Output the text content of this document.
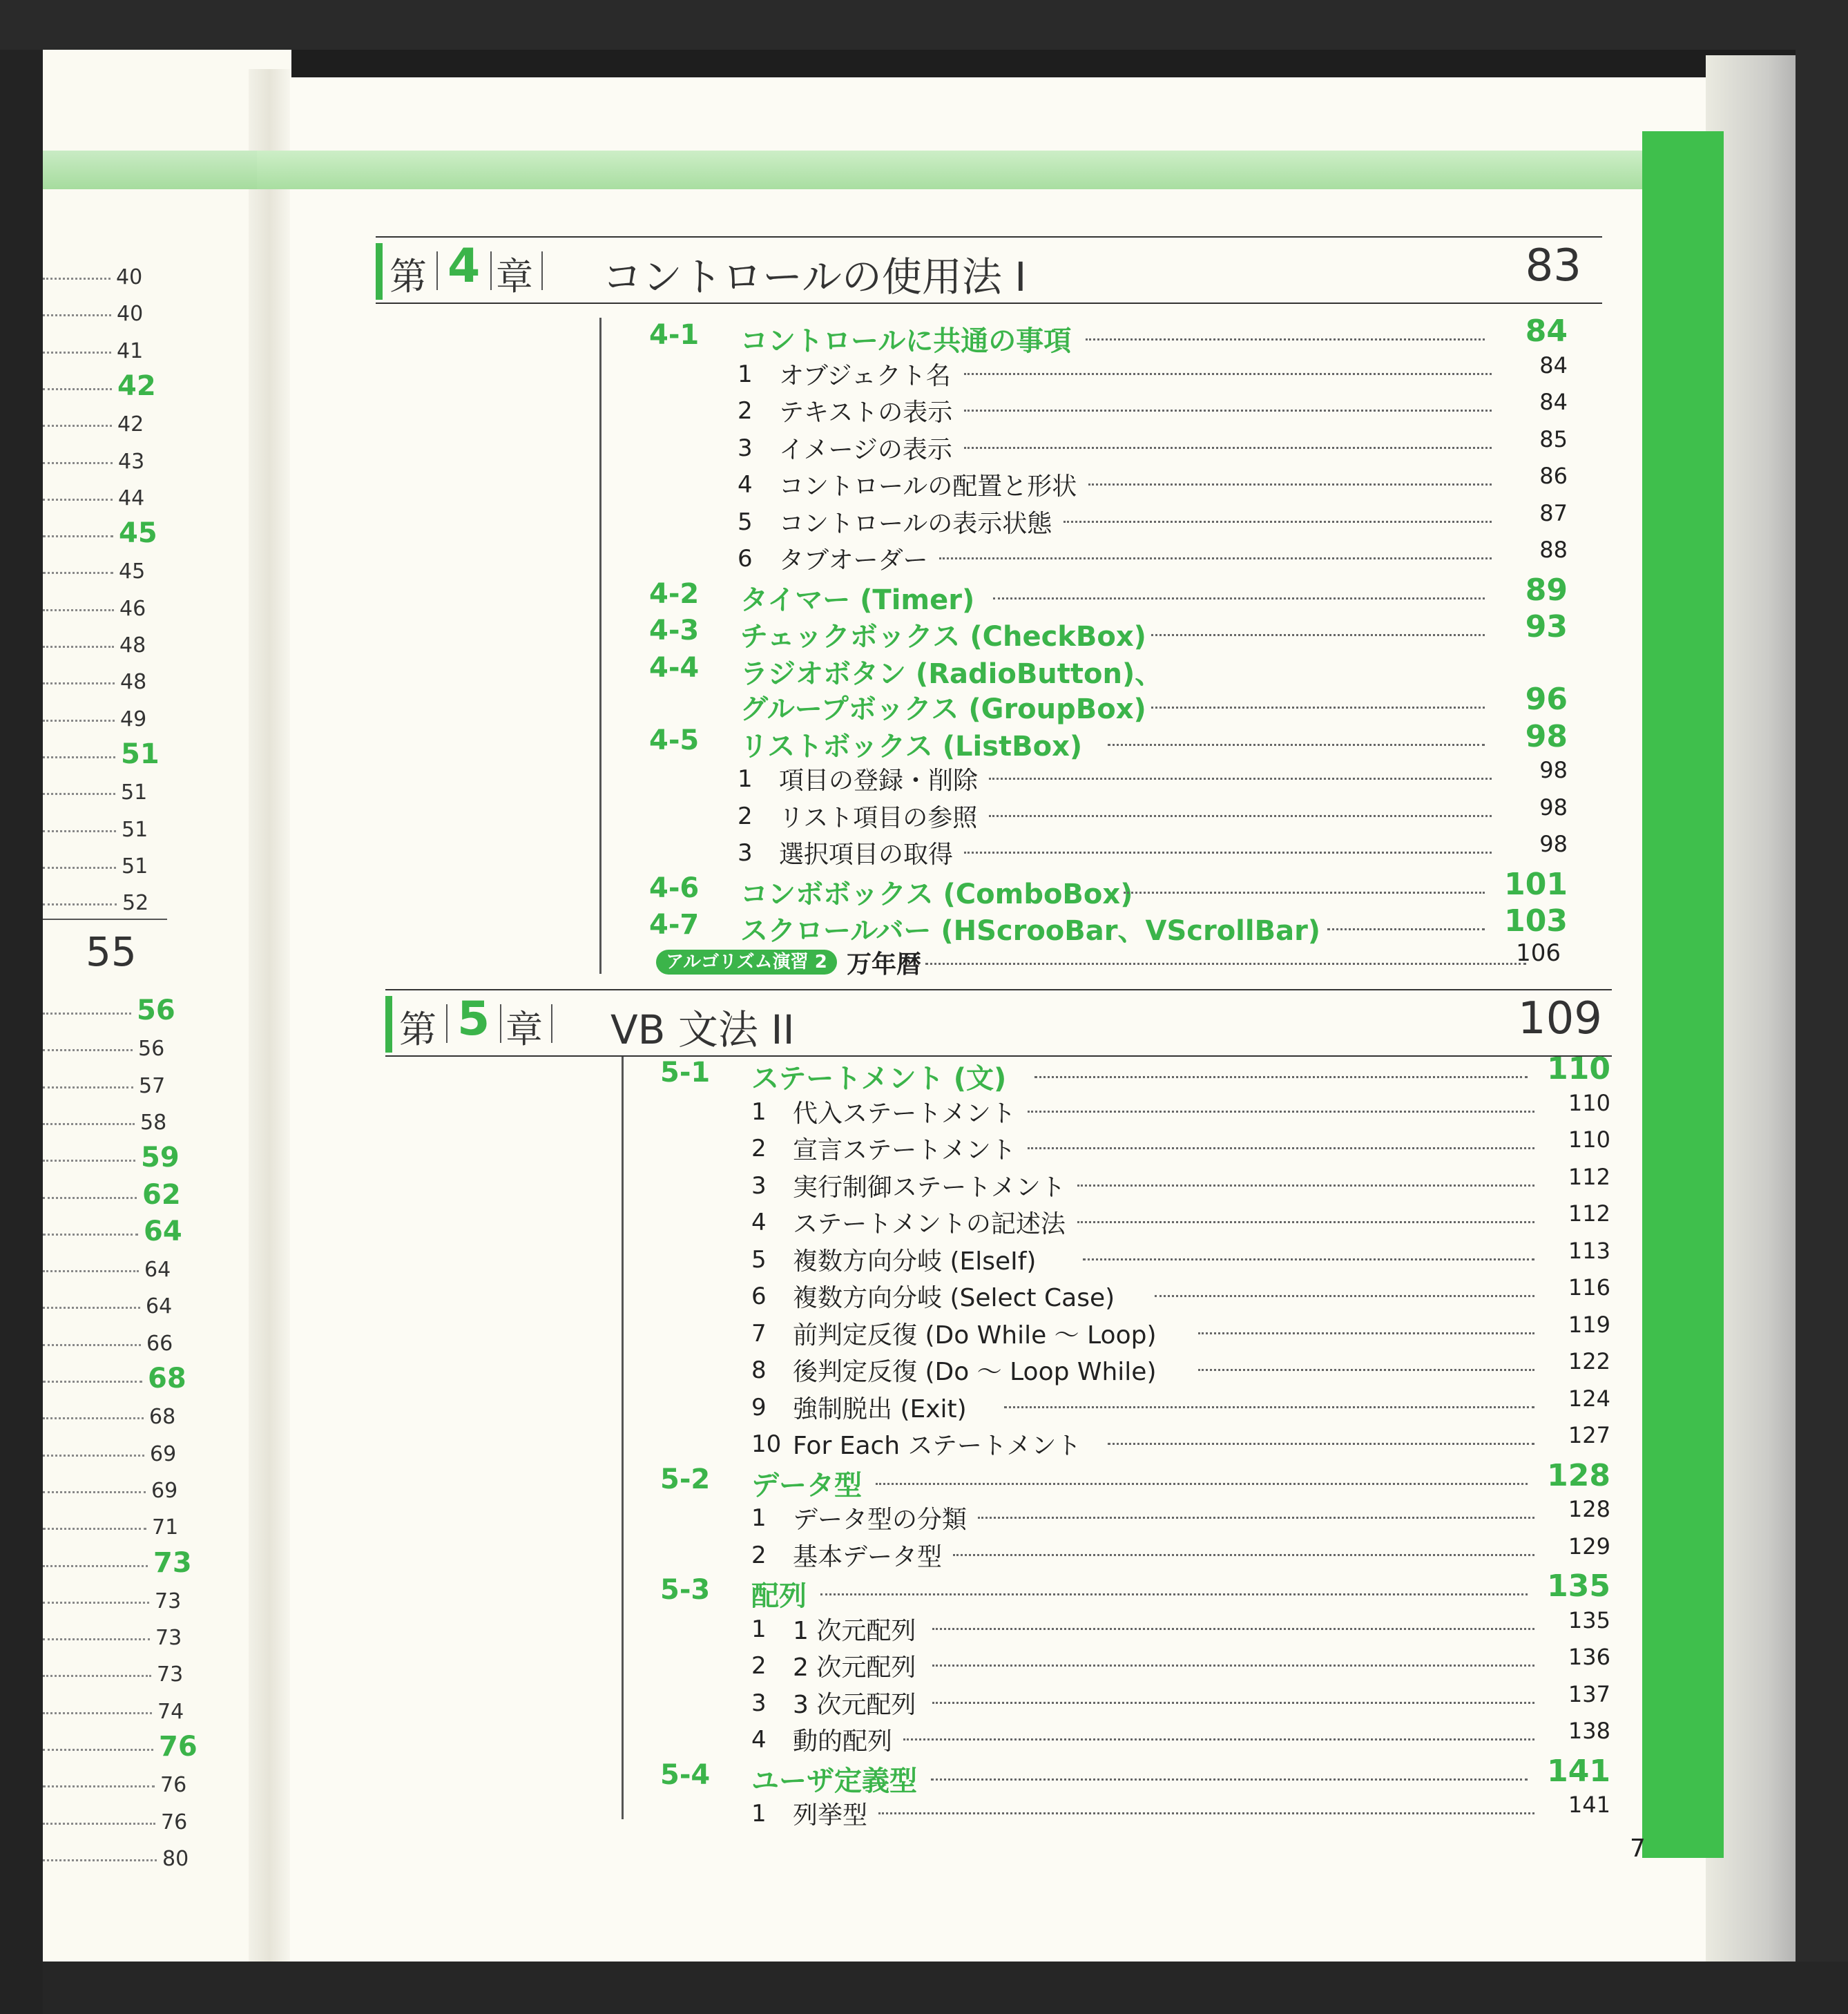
40
40
41
42
42
43
44
45
45
46
48
48
49
51
51
51
51
52
55
56
56
57
58
59
62
64
64
64
66
68
68
69
69
71
73
73
73
73
74
76
76
76
80
第 4 章 コントロールの使用法 I	83
4-1 コントロールに共通の事項	84
1 オブジェクト名	84
2 テキストの表示	84
3 イメージの表示	85
4 コントロールの配置と形状	86
5 コントロールの表示状態	87
6 タブオーダー	88
4-2 タイマー (Timer)	89
4-3 チェックボックス (CheckBox)	93
4-4 ラジオボタン (RadioButton)、
グループボックス (GroupBox)	96
4-5 リストボックス (ListBox)	98
1 項目の登録・削除	98
2 リスト項目の参照	98
3 選択項目の取得	98
4-6 コンボボックス (ComboBox)	101
4-7 スクロールバー (HScrooBar、VScrollBar)	103
アルゴリズム演習 2 万年暦	106
第 5 章 VB 文法 II	109
5-1 ステートメント (文)	110
1 代入ステートメント	110
2 宣言ステートメント	110
3 実行制御ステートメント	112
4 ステートメントの記述法	112
5 複数方向分岐 (ElseIf)	113
6 複数方向分岐 (Select Case)	116
7 前判定反復 (Do While ～ Loop)	119
8 後判定反復 (Do ～ Loop While)	122
9 強制脱出 (Exit)	124
10 For Each ステートメント	127
5-2 データ型	128
1 データ型の分類	128
2 基本データ型	129
5-3 配列	135
1 1 次元配列	135
2 2 次元配列	136
3 3 次元配列	137
4 動的配列	138
5-4 ユーザ定義型	141
1 列挙型	141
7
